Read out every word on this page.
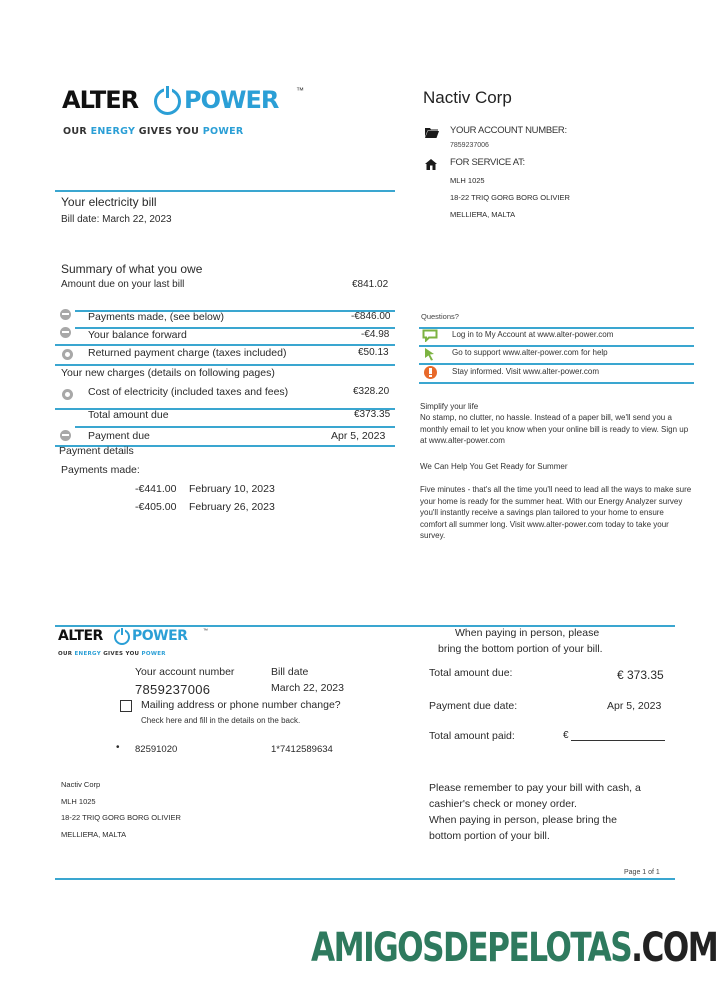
ALTER POWER ™
OUR ENERGY GIVES YOU POWER
Nactiv Corp
YOUR ACCOUNT NUMBER:
7859237006
FOR SERVICE AT:
MLH 1025
18-22 TRIQ GORG BORG OLIVIER
MELLIEĦA, MALTA
Your electricity bill
Bill date: March 22, 2023
Summary of what you owe
Amount due on your last bill	€841.02
Payments made, (see below)	-€846.00
Your balance forward	-€4.98
Returned payment charge (taxes included)	€50.13
Your new charges (details on following pages)
Cost of electricity (included taxes and fees)	€328.20
Total amount due	€373.35
Payment due	Apr 5, 2023
Payment details
Payments made:
-€441.00 February 10, 2023
-€405.00 February 26, 2023
Questions?
Log in to My Account at www.alter-power.com
Go to support www.alter-power.com for help
Stay informed. Visit www.alter-power.com
Simplify your life
No stamp, no clutter, no hassle. Instead of a paper bill, we'll send you a monthly email to let you know when your online bill is ready to view. Sign up at www.alter-power.com
We Can Help You Get Ready for Summer
Five minutes - that's all the time you'll need to lead all the ways to make sure your home is ready for the summer heat. With our Energy Analyzer survey you'll instantly receive a savings plan tailored to your home to ensure comfort all summer long. Visit www.alter-power.com today to take your survey.
ALTER POWER	™
OUR ENERGY GIVES YOU POWER
Your account number
7859237006
Bill date
March 22, 2023
Mailing address or phone number change?
Check here and fill in the details on the back.
• 82591020	1*7412589634
Nactiv Corp
MLH 1025
18-22 TRIQ GORG BORG OLIVIER
MELLIEĦA, MALTA
When paying in person, please
bring the bottom portion of your bill.
Total amount due:	€ 373.35
Payment due date:	Apr 5, 2023
Total amount paid:	€
Please remember to pay your bill with cash, a
cashier's check or money order.
When paying in person, please bring the
bottom portion of your bill.
Page 1 of 1
AMIGOSDEPELOTAS.COM
